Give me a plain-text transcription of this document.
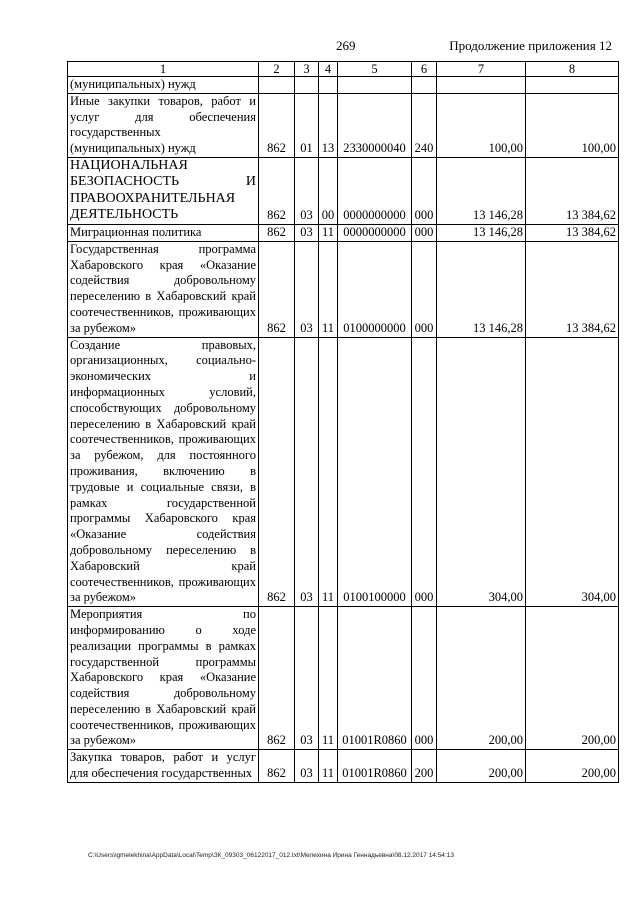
269	Продолжение приложения 12
1	2	3	4	5	6	7	8
(муниципальных) нужд							
Иные закупки товаров, работ и услуг для обеспечения государственных (муниципальных) нужд	862	01	13	2330000040	240	100,00	100,00
НАЦИОНАЛЬНАЯ БЕЗОПАСНОСТЬ И ПРАВООХРАНИТЕЛЬНАЯ ДЕЯТЕЛЬНОСТЬ	862	03	00	0000000000	000	13 146,28	13 384,62
Миграционная политика	862	03	11	0000000000	000	13 146,28	13 384,62
Государственная программа Хабаровского края «Оказание содействия добровольному переселению в Хабаровский край соотечественников, проживающих за рубежом»	862	03	11	0100000000	000	13 146,28	13 384,62
Создание правовых, организационных, социально-экономических и информационных условий, способствующих добровольному переселению в Хабаровский край соотечественников, проживающих за рубежом, для постоянного проживания, включению в трудовые и социальные связи, в рамках государственной программы Хабаровского края «Оказание содействия добровольному переселению в Хабаровский край соотечественников, проживающих за рубежом»	862	03	11	0100100000	000	304,00	304,00
Мероприятия по информированию о ходе реализации программы в рамках государственной программы Хабаровского края «Оказание содействия добровольному переселению в Хабаровский край соотечественников, проживающих за рубежом»	862	03	11	01001R0860	000	200,00	200,00
Закупка товаров, работ и услуг для обеспечения государственных	862	03	11	01001R0860	200	200,00	200,00
C:\Users\igmelekhina\AppData\Local\Temp\ЗК_09303_06122017_012.txt\Мелехина Ирина Геннадьевна\08.12.2017 14:54:13
